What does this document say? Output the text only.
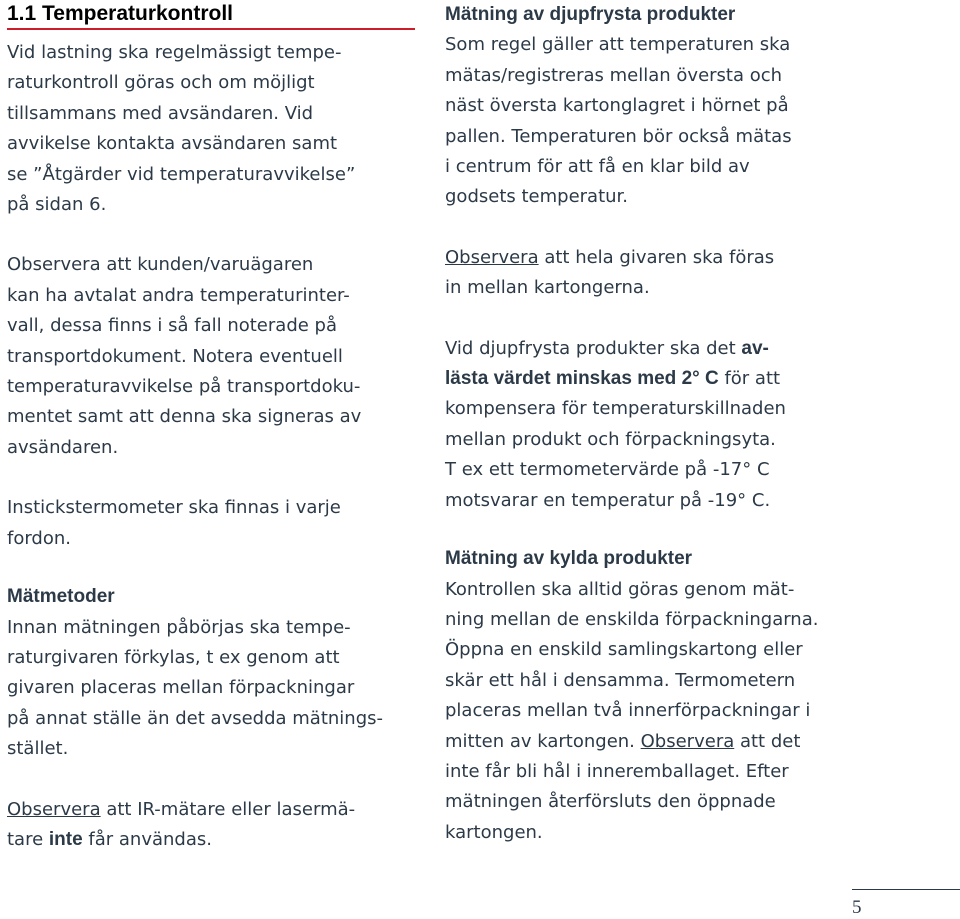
1.1 Temperaturkontroll

Vid lastning ska regelmässigt tempe-
raturkontroll göras och om möjligt
tillsammans med avsändaren. Vid
avvikelse kontakta avsändaren samt
se ”Åtgärder vid temperaturavvikelse”
på sidan 6.

Observera att kunden/varuägaren
kan ha avtalat andra temperaturinter-
vall, dessa finns i så fall noterade på
transportdokument. Notera eventuell
temperaturavvikelse på transportdoku-
mentet samt att denna ska signeras av
avsändaren.

Instickstermometer ska finnas i varje
fordon.

Mätmetoder

Innan mätningen påbörjas ska tempe-
raturgivaren förkylas, t ex genom att
givaren placeras mellan förpackningar
på annat ställe än det avsedda mätnings-
stället.

Observera att IR-mätare eller lasermä-
tare inte får användas.

Mätning av djupfrysta produkter

Som regel gäller att temperaturen ska
mätas/registreras mellan översta och
näst översta kartonglagret i hörnet på
pallen. Temperaturen bör också mätas
i centrum för att få en klar bild av
godsets temperatur.

Observera att hela givaren ska föras
in mellan kartongerna.

Vid djupfrysta produkter ska det av-
lästa värdet minskas med 2° C för att
kompensera för temperaturskillnaden
mellan produkt och förpackningsyta.
T ex ett termometervärde på -17° C
motsvarar en temperatur på -19° C.

Mätning av kylda produkter

Kontrollen ska alltid göras genom mät-
ning mellan de enskilda förpackningarna.
Öppna en enskild samlingskartong eller
skär ett hål i densamma. Termometern
placeras mellan två innerförpackningar i
mitten av kartongen. Observera att det
inte får bli hål i inneremballaget. Efter
mätningen återförsluts den öppnade
kartongen.

5
